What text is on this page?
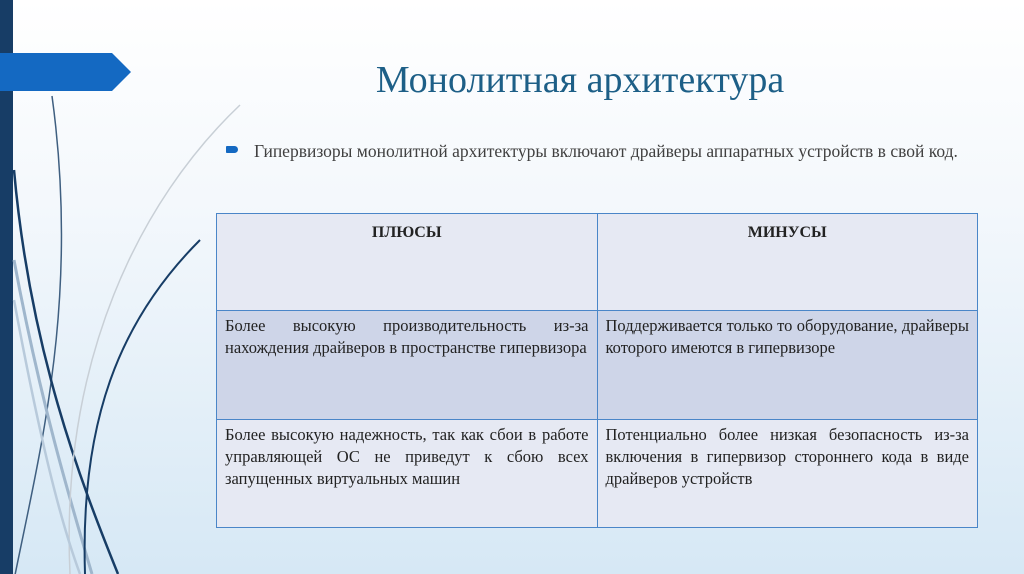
Монолитная архитектура
Гипервизоры монолитной архитектуры включают драйверы аппаратных устройств в свой код.
ПЛЮСЫ	МИНУСЫ
Более высокую производительность из-за нахождения драйверов в пространстве гипервизора	Поддерживается только то оборудование, драйверы которого имеются в гипервизоре
Более высокую надежность, так как сбои в работе управляющей ОС не приведут к сбою всех запущенных виртуальных машин	Потенциально более низкая безопасность из-за включения в гипервизор стороннего кода в виде драйверов устройств
